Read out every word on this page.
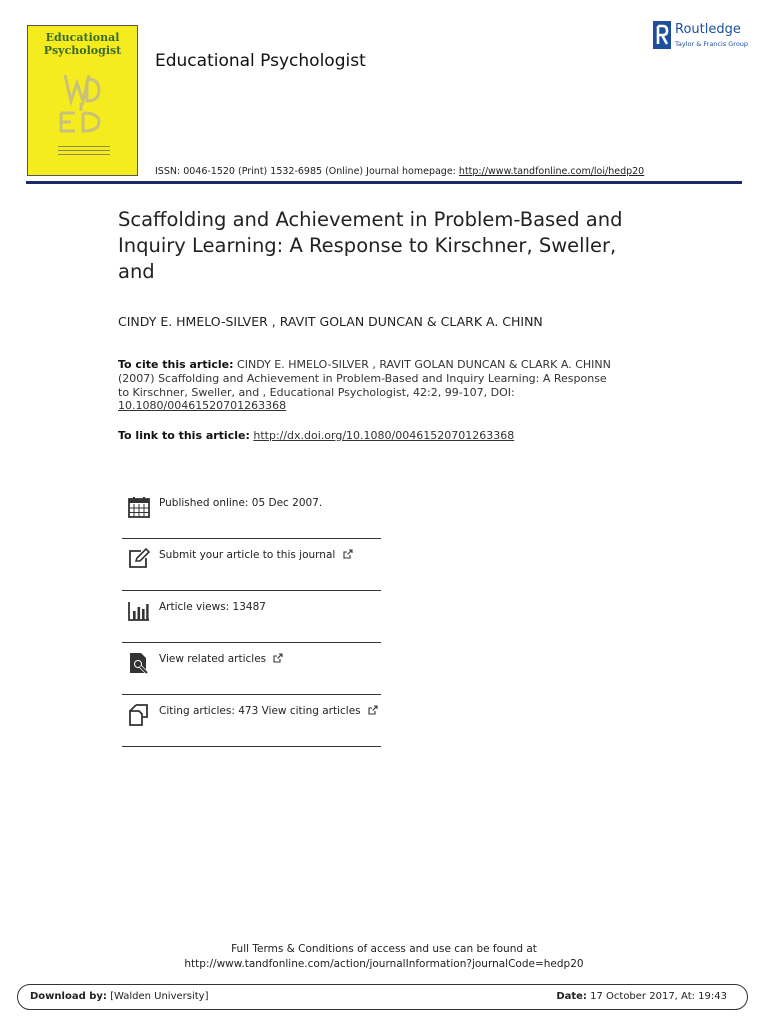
Educational
Psychologist
Educational Psychologist
ISSN: 0046-1520 (Print) 1532-6985 (Online) Journal homepage: http://www.tandfonline.com/loi/hedp20
Routledge
Taylor & Francis Group
Scaffolding and Achievement in Problem-Based and Inquiry Learning: A Response to Kirschner, Sweller, and
CINDY E. HMELO-SILVER , RAVIT GOLAN DUNCAN & CLARK A. CHINN
To cite this article: CINDY E. HMELO-SILVER , RAVIT GOLAN DUNCAN & CLARK A. CHINN (2007) Scaffolding and Achievement in Problem-Based and Inquiry Learning: A Response to Kirschner, Sweller, and , Educational Psychologist, 42:2, 99-107, DOI: 10.1080/00461520701263368
To link to this article: http://dx.doi.org/10.1080/00461520701263368
Published online: 05 Dec 2007.
Submit your article to this journal
Article views: 13487
View related articles
Citing articles: 473 View citing articles
Full Terms & Conditions of access and use can be found at
http://www.tandfonline.com/action/journalInformation?journalCode=hedp20
Download by: [Walden University]	Date: 17 October 2017, At: 19:43
